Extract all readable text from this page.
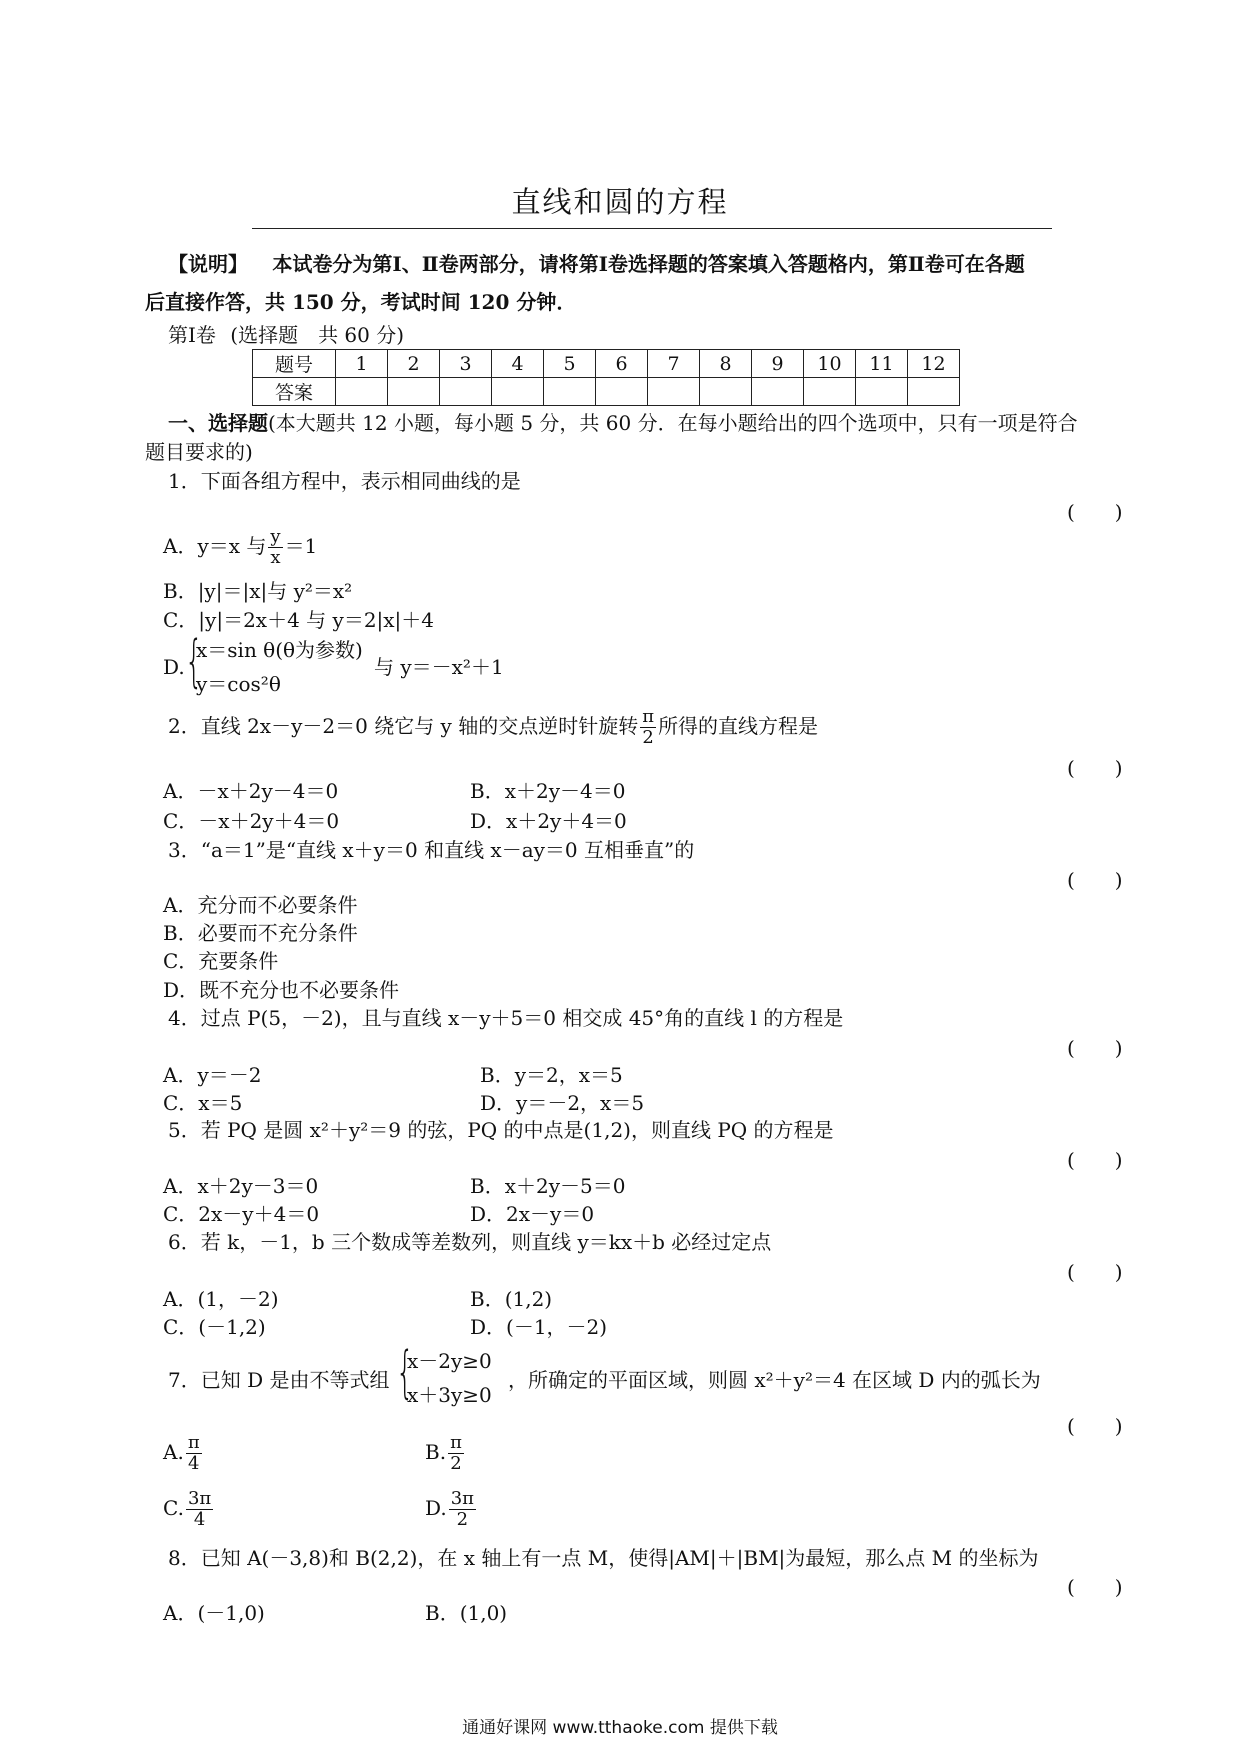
直线和圆的方程
【说明】 本试卷分为第Ⅰ、Ⅱ卷两部分，请将第Ⅰ卷选择题的答案填入答题格内，第Ⅱ卷可在各题
后直接作答，共 150 分，考试时间 120 分钟．
第Ⅰ卷 (选择题　共 60 分)
题号	1	2	3	4	5	6	7	8	9	10	11	12
答案												
一、选择题(本大题共 12 小题，每小题 5 分，共 60 分．在每小题给出的四个选项中，只有一项是符合
题目要求的)
1．下面各组方程中，表示相同曲线的是
(　　)
A．y＝x 与 $\frac{y}{x} =1$
B．|y|＝|x|与 y²＝x²
C．|y|＝2x＋4 与 y＝2|x|＋4
D. {
x＝sin θ(θ为参数)
y＝cos²θ
与 y＝－x²＋1
2．直线 2x－y－2＝0 绕它与 y 轴的交点逆时针旋转 $\frac{\pi}{2}$ 所得的直线方程是
(　　)
A．－x＋2y－4＝0	B．x＋2y－4＝0
C．－x＋2y＋4＝0	D．x＋2y＋4＝0
3．“a＝1”是“直线 x＋y＝0 和直线 x－ay＝0 互相垂直”的
(　　)
A．充分而不必要条件
B．必要而不充分条件
C．充要条件
D．既不充分也不必要条件
4．过点 P(5，－2)，且与直线 x－y＋5＝0 相交成 45°角的直线 l 的方程是
(　　)
A．y＝－2	B．y＝2，x＝5
C．x＝5	D．y＝－2，x＝5
5．若 PQ 是圆 x²＋y²＝9 的弦，PQ 的中点是(1,2)，则直线 PQ 的方程是
(　　)
A．x＋2y－3＝0	B．x＋2y－5＝0
C．2x－y＋4＝0	D．2x－y＝0
6．若 k，－1，b 三个数成等差数列，则直线 y＝kx＋b 必经过定点
(　　)
A．(1，－2)	B．(1,2)
C．(－1,2)	D．(－1，－2)
7．已知 D 是由不等式组 {
x－2y≥0
x＋3y≥0
，所确定的平面区域，则圆 x²＋y²＝4 在区域 D 内的弧长为
(　　)
A. $\frac{\pi}{4}$	B. $\frac{\pi}{2}$
C. $\frac{3\pi}{4}$	D. $\frac{3\pi}{2}$
8．已知 A(－3,8)和 B(2,2)，在 x 轴上有一点 M，使得|AM|＋|BM|为最短，那么点 M 的坐标为
(　　)
A．(－1,0)	B．(1,0)
通通好课网 www.tthaoke.com 提供下载
